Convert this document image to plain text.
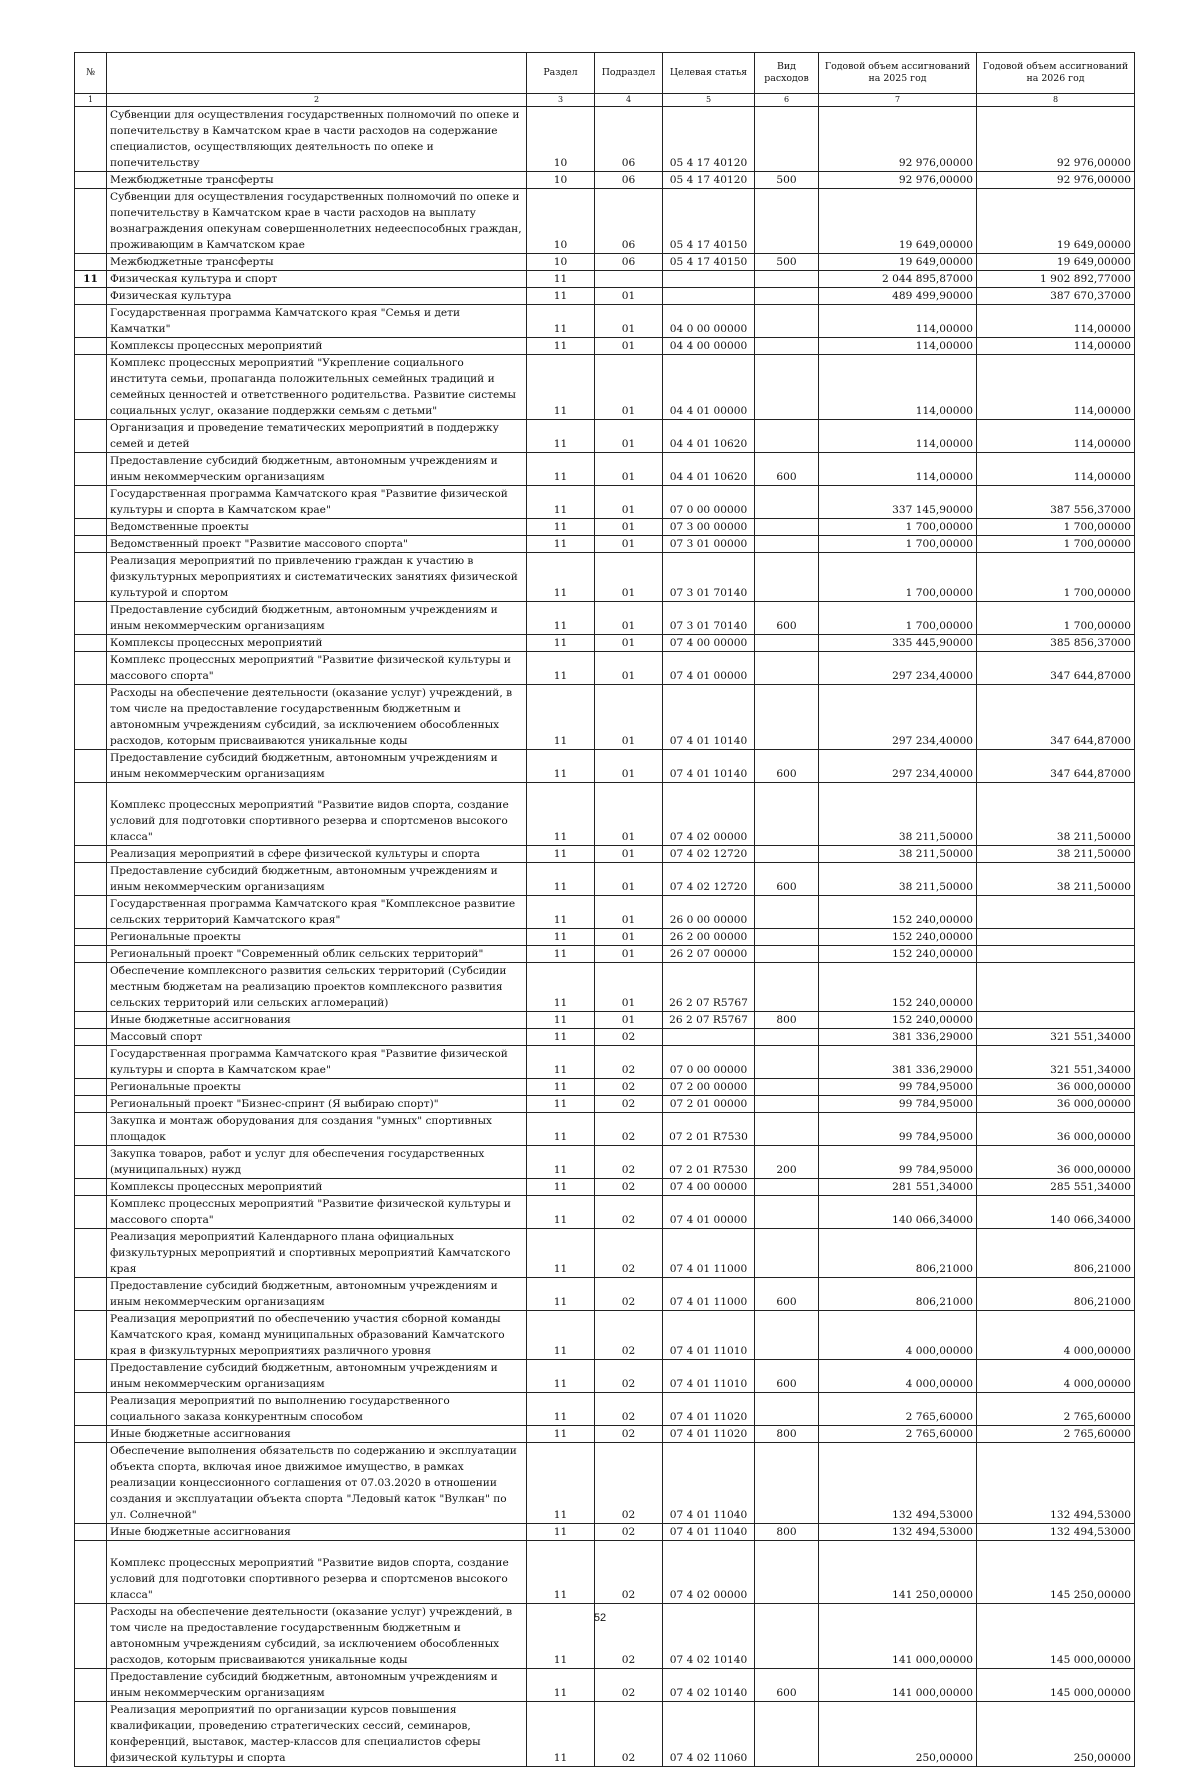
№		Раздел	Подраздел	Целевая статья	Вид расходов	Годовой объем ассигнований на 2025 год	Годовой объем ассигнований на 2026 год
1	2	3	4	5	6	7	8
	Субвенции для осуществления государственных полномочий по опеке и попечительству в Камчатском крае в части расходов на содержание специалистов, осуществляющих деятельность по опеке и попечительству	10	06	05 4 17 40120		92 976,00000	92 976,00000
	Межбюджетные трансферты	10	06	05 4 17 40120	500	92 976,00000	92 976,00000
	Субвенции для осуществления государственных полномочий по опеке и попечительству в Камчатском крае в части расходов на выплату вознаграждения опекунам совершеннолетних недееспособных граждан, проживающим в Камчатском крае	10	06	05 4 17 40150		19 649,00000	19 649,00000
	Межбюджетные трансферты	10	06	05 4 17 40150	500	19 649,00000	19 649,00000
11	Физическая культура и спорт	11				2 044 895,87000	1 902 892,77000
	Физическая культура	11	01			489 499,90000	387 670,37000
	Государственная программа Камчатского края "Семья и дети Камчатки"	11	01	04 0 00 00000		114,00000	114,00000
	Комплексы процессных мероприятий	11	01	04 4 00 00000		114,00000	114,00000
	Комплекс процессных мероприятий "Укрепление социального института семьи, пропаганда положительных семейных традиций и семейных ценностей и ответственного родительства. Развитие системы социальных услуг, оказание поддержки семьям с детьми"	11	01	04 4 01 00000		114,00000	114,00000
	Организация и проведение тематических мероприятий в поддержку семей и детей	11	01	04 4 01 10620		114,00000	114,00000
	Предоставление субсидий бюджетным, автономным учреждениям и иным некоммерческим организациям	11	01	04 4 01 10620	600	114,00000	114,00000
	Государственная программа Камчатского края "Развитие физической культуры и спорта в Камчатском крае"	11	01	07 0 00 00000		337 145,90000	387 556,37000
	Ведомственные проекты	11	01	07 3 00 00000		1 700,00000	1 700,00000
	Ведомственный проект "Развитие массового спорта"	11	01	07 3 01 00000		1 700,00000	1 700,00000
	Реализация мероприятий по привлечению граждан к участию в физкультурных мероприятиях и систематических занятиях физической культурой и спортом	11	01	07 3 01 70140		1 700,00000	1 700,00000
	Предоставление субсидий бюджетным, автономным учреждениям и иным некоммерческим организациям	11	01	07 3 01 70140	600	1 700,00000	1 700,00000
	Комплексы процессных мероприятий	11	01	07 4 00 00000		335 445,90000	385 856,37000
	Комплекс процессных мероприятий "Развитие физической культуры и массового спорта"	11	01	07 4 01 00000		297 234,40000	347 644,87000
	Расходы на обеспечение деятельности (оказание услуг) учреждений, в том числе на предоставление государственным бюджетным и автономным учреждениям субсидий, за исключением обособленных расходов, которым присваиваются уникальные коды	11	01	07 4 01 10140		297 234,40000	347 644,87000
	Предоставление субсидий бюджетным, автономным учреждениям и иным некоммерческим организациям	11	01	07 4 01 10140	600	297 234,40000	347 644,87000
	Комплекс процессных мероприятий "Развитие видов спорта, создание условий для подготовки спортивного резерва и спортсменов высокого класса"	11	01	07 4 02 00000		38 211,50000	38 211,50000
	Реализация мероприятий в сфере физической культуры и спорта	11	01	07 4 02 12720		38 211,50000	38 211,50000
	Предоставление субсидий бюджетным, автономным учреждениям и иным некоммерческим организациям	11	01	07 4 02 12720	600	38 211,50000	38 211,50000
	Государственная программа Камчатского края "Комплексное развитие сельских территорий Камчатского края"	11	01	26 0 00 00000		152 240,00000	
	Региональные проекты	11	01	26 2 00 00000		152 240,00000	
	Региональный проект "Современный облик сельских территорий"	11	01	26 2 07 00000		152 240,00000	
	Обеспечение комплексного развития сельских территорий (Субсидии местным бюджетам на реализацию проектов комплексного развития сельских территорий или сельских агломераций)	11	01	26 2 07 R5767		152 240,00000	
	Иные бюджетные ассигнования	11	01	26 2 07 R5767	800	152 240,00000	
	Массовый спорт	11	02			381 336,29000	321 551,34000
	Государственная программа Камчатского края "Развитие физической культуры и спорта в Камчатском крае"	11	02	07 0 00 00000		381 336,29000	321 551,34000
	Региональные проекты	11	02	07 2 00 00000		99 784,95000	36 000,00000
	Региональный проект "Бизнес-спринт (Я выбираю спорт)"	11	02	07 2 01 00000		99 784,95000	36 000,00000
	Закупка и монтаж оборудования для создания "умных" спортивных площадок	11	02	07 2 01 R7530		99 784,95000	36 000,00000
	Закупка товаров, работ и услуг для обеспечения государственных (муниципальных) нужд	11	02	07 2 01 R7530	200	99 784,95000	36 000,00000
	Комплексы процессных мероприятий	11	02	07 4 00 00000		281 551,34000	285 551,34000
	Комплекс процессных мероприятий "Развитие физической культуры и массового спорта"	11	02	07 4 01 00000		140 066,34000	140 066,34000
	Реализация мероприятий Календарного плана официальных физкультурных мероприятий и спортивных мероприятий Камчатского края	11	02	07 4 01 11000		806,21000	806,21000
	Предоставление субсидий бюджетным, автономным учреждениям и иным некоммерческим организациям	11	02	07 4 01 11000	600	806,21000	806,21000
	Реализация мероприятий по обеспечению участия сборной команды Камчатского края, команд муниципальных образований Камчатского края в физкультурных мероприятиях различного уровня	11	02	07 4 01 11010		4 000,00000	4 000,00000
	Предоставление субсидий бюджетным, автономным учреждениям и иным некоммерческим организациям	11	02	07 4 01 11010	600	4 000,00000	4 000,00000
	Реализация мероприятий по выполнению государственного социального заказа конкурентным способом	11	02	07 4 01 11020		2 765,60000	2 765,60000
	Иные бюджетные ассигнования	11	02	07 4 01 11020	800	2 765,60000	2 765,60000
	Обеспечение выполнения обязательств по содержанию и эксплуатации объекта спорта, включая иное движимое имущество, в рамках реализации концессионного соглашения от 07.03.2020 в отношении создания и эксплуатации объекта спорта "Ледовый каток "Вулкан" по ул. Солнечной"	11	02	07 4 01 11040		132 494,53000	132 494,53000
	Иные бюджетные ассигнования	11	02	07 4 01 11040	800	132 494,53000	132 494,53000
	Комплекс процессных мероприятий "Развитие видов спорта, создание условий для подготовки спортивного резерва и спортсменов высокого класса"	11	02	07 4 02 00000		141 250,00000	145 250,00000
	Расходы на обеспечение деятельности (оказание услуг) учреждений, в том числе на предоставление государственным бюджетным и автономным учреждениям субсидий, за исключением обособленных расходов, которым присваиваются уникальные коды	11	02	07 4 02 10140		141 000,00000	145 000,00000
	Предоставление субсидий бюджетным, автономным учреждениям и иным некоммерческим организациям	11	02	07 4 02 10140	600	141 000,00000	145 000,00000
	Реализация мероприятий по организации курсов повышения квалификации, проведению стратегических сессий, семинаров, конференций, выставок, мастер-классов для специалистов сферы физической культуры и спорта	11	02	07 4 02 11060		250,00000	250,00000
52
